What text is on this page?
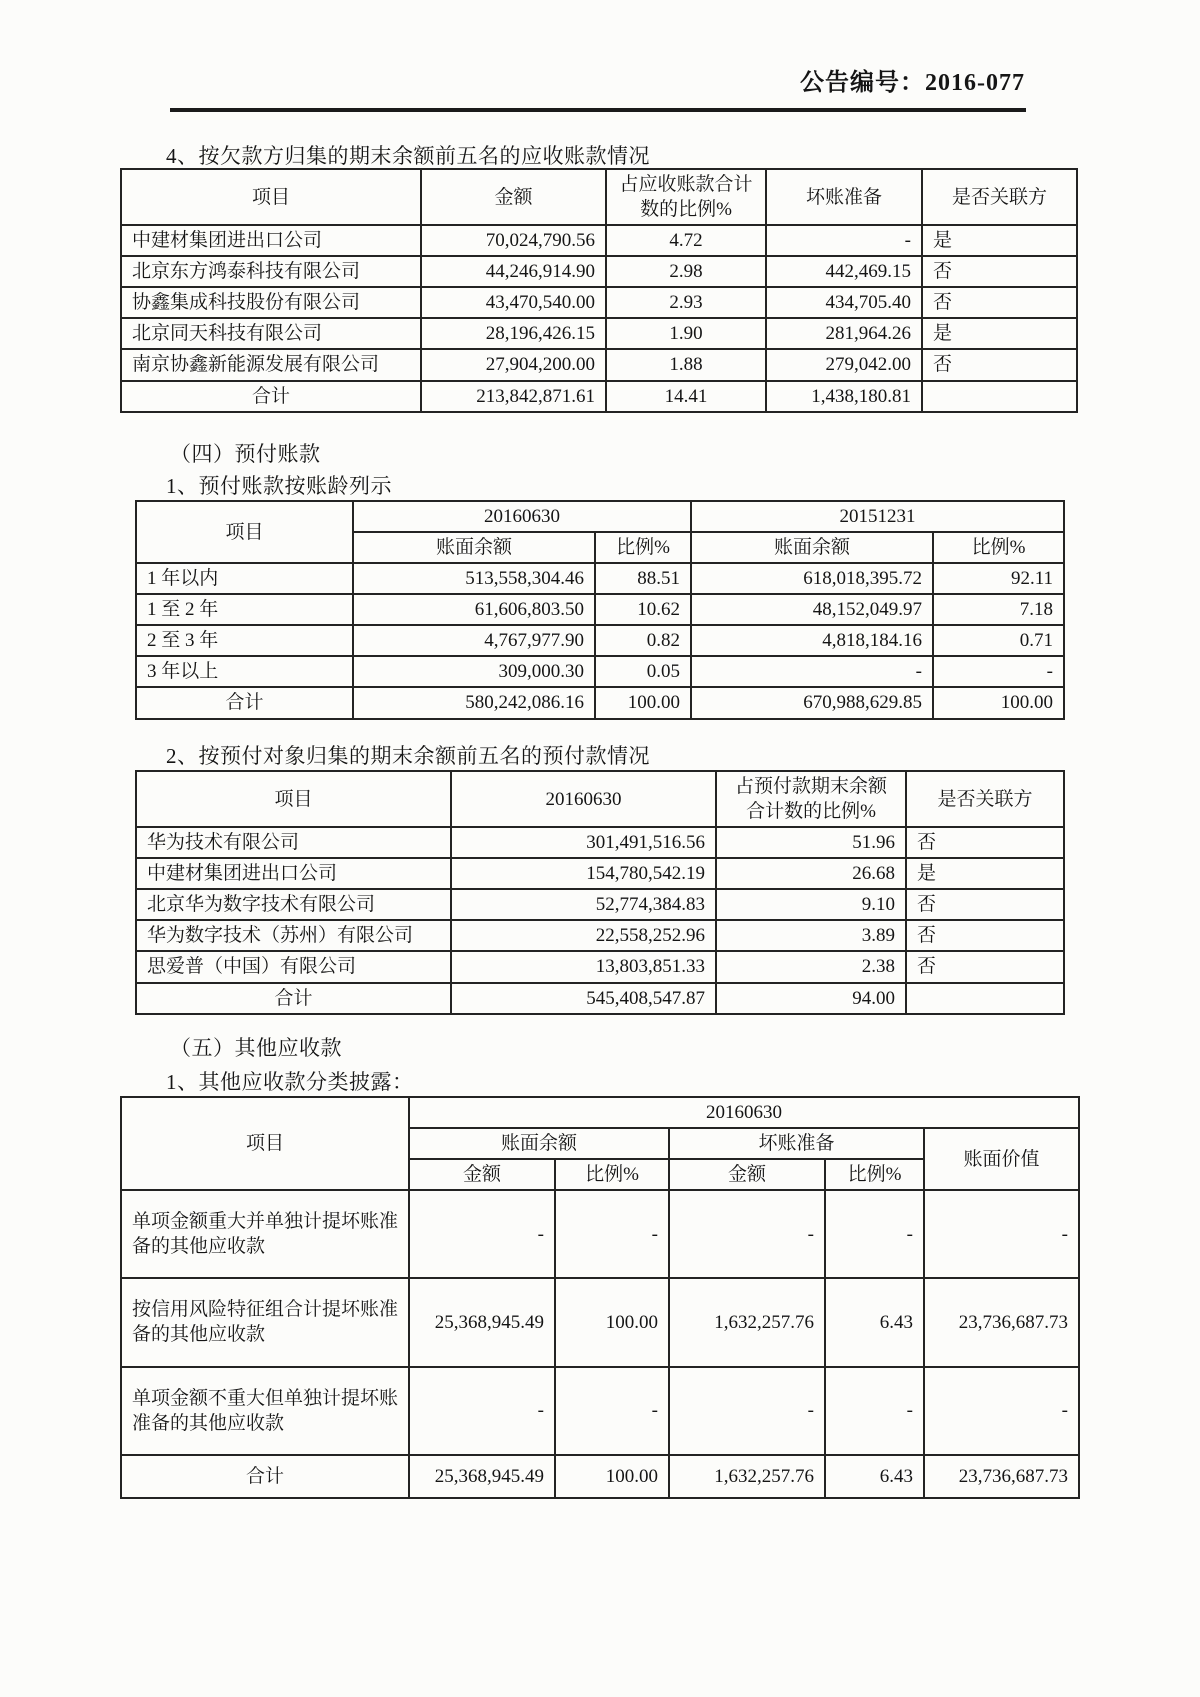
公告编号：2016-077
4、按欠款方归集的期末余额前五名的应收账款情况
项目	金额	占应收账款合计数的比例%	坏账准备	是否关联方
中建材集团进出口公司	70,024,790.56	4.72	-	是
北京东方鸿泰科技有限公司	44,246,914.90	2.98	442,469.15	否
协鑫集成科技股份有限公司	43,470,540.00	2.93	434,705.40	否
北京同天科技有限公司	28,196,426.15	1.90	281,964.26	是
南京协鑫新能源发展有限公司	27,904,200.00	1.88	279,042.00	否
合计	213,842,871.61	14.41	1,438,180.81	
（四）预付账款
1、预付账款按账龄列示
项目	20160630		20151231	
	账面余额	比例%	账面余额	比例%
1 年以内	513,558,304.46	88.51	618,018,395.72	92.11
1 至 2 年	61,606,803.50	10.62	48,152,049.97	7.18
2 至 3 年	4,767,977.90	0.82	4,818,184.16	0.71
3 年以上	309,000.30	0.05	-	-
合计	580,242,086.16	100.00	670,988,629.85	100.00
2、按预付对象归集的期末余额前五名的预付款情况
项目	20160630	占预付款期末余额合计数的比例%	是否关联方
华为技术有限公司	301,491,516.56	51.96	否
中建材集团进出口公司	154,780,542.19	26.68	是
北京华为数字技术有限公司	52,774,384.83	9.10	否
华为数字技术（苏州）有限公司	22,558,252.96	3.89	否
思爱普（中国）有限公司	13,803,851.33	2.38	否
合计	545,408,547.87	94.00	
（五）其他应收款
1、其他应收款分类披露：
项目	20160630				
	账面余额		坏账准备		账面价值
	金额	比例%	金额	比例%	
单项金额重大并单独计提坏账准备的其他应收款	-	-	-	-	-
按信用风险特征组合计提坏账准备的其他应收款	25,368,945.49	100.00	1,632,257.76	6.43	23,736,687.73
单项金额不重大但单独计提坏账准备的其他应收款	-	-	-	-	-
合计	25,368,945.49	100.00	1,632,257.76	6.43	23,736,687.73
